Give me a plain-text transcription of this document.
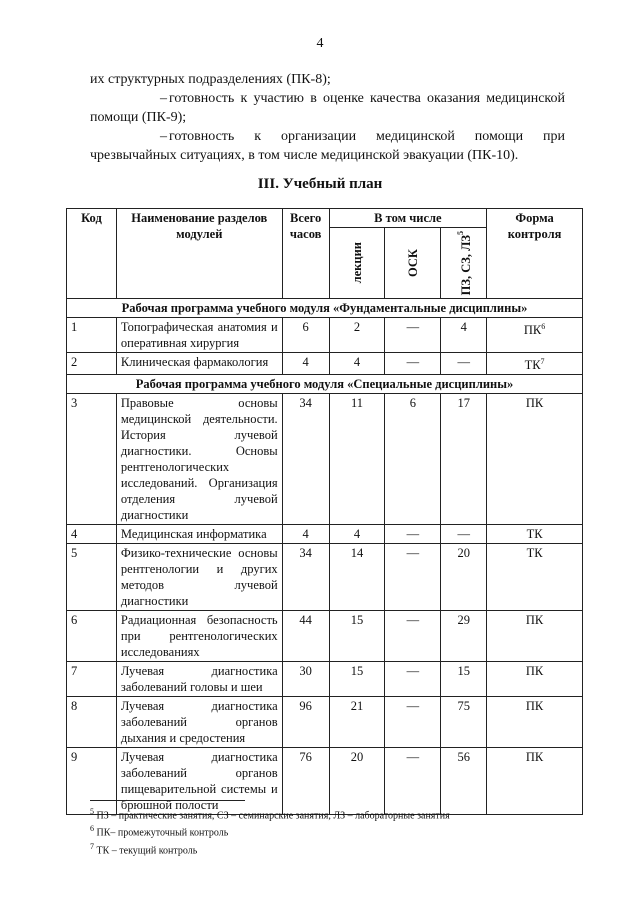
4

их структурных подразделениях (ПК-8);

– готовность к участию в оценке качества оказания медицинской помощи (ПК-9);

– готовность к организации медицинской помощи при чрезвычайных ситуациях, в том числе медицинской эвакуации (ПК-10).

III. Учебный план
Код	Наименование разделов модулей	Всего часов	В том числе			Форма контроля

			лекции	ОСК	ПЗ, СЗ, $ЛЗ^5$

Рабочая программа учебного модуля «Фундаментальные дисциплины»						
1	Топографическая анатомия и оперативная хирургия	6	2	—	4	$ПК^6$
2	Клиническая фармакология	4	4	—	—	$ТК^7$
Рабочая программа учебного модуля «Специальные дисциплины»						
3	Правовые основы медицинской деятельности. История лучевой диагностики. Основы рентгенологических исследований. Организация отделения лучевой диагностики	34	11	6	17	ПК
4	Медицинская информатика	4	4	—	—	ТК
5	Физико-технические основы рентгенологии и других методов лучевой диагностики	34	14	—	20	ТК
6	Радиационная безопасность при рентгенологических исследованиях	44	15	—	29	ПК
7	Лучевая диагностика заболеваний головы и шеи	30	15	—	15	ПК
8	Лучевая диагностика заболеваний органов дыхания и средостения	96	21	—	75	ПК
9	Лучевая диагностика заболеваний органов пищеварительной системы и брюшной полости	76	20	—	56	ПК

$^5$ ПЗ – практические занятия, СЗ – семинарские занятия, ЛЗ – лабораторные занятия

$^6$ ПК– промежуточный контроль

$^7$ ТК – текущий контроль
